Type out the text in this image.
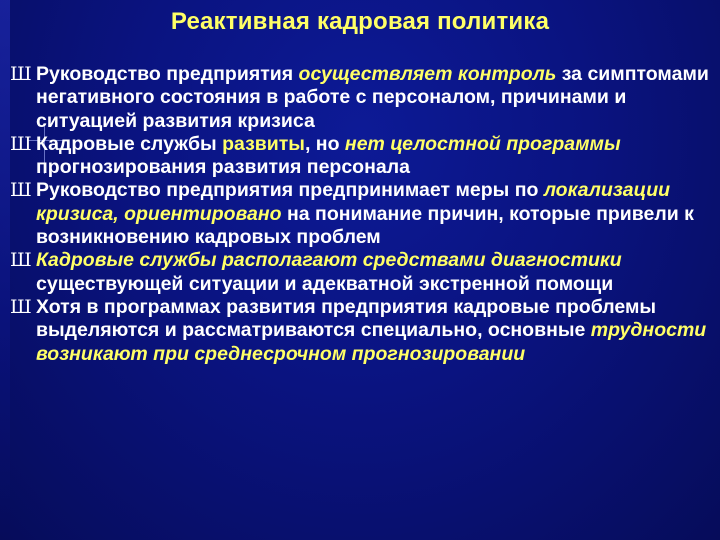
Реактивная кадровая политика
Ш Руководство предприятия осуществляет контроль за симптомами негативного состояния в работе с персоналом, причинами и ситуацией развития кризиса
Ш Кадровые службы развиты, но нет целостной программы прогнозирования развития персонала
Ш Руководство предприятия предпринимает меры по локализации кризиса, ориентировано на понимание причин, которые привели к возникновению кадровых проблем
Ш Кадровые службы располагают средствами диагностики существующей ситуации и адекватной экстренной помощи
Ш Хотя в программах развития предприятия кадровые проблемы выделяются и рассматриваются специально, основные трудности возникают при среднесрочном прогнозировании
